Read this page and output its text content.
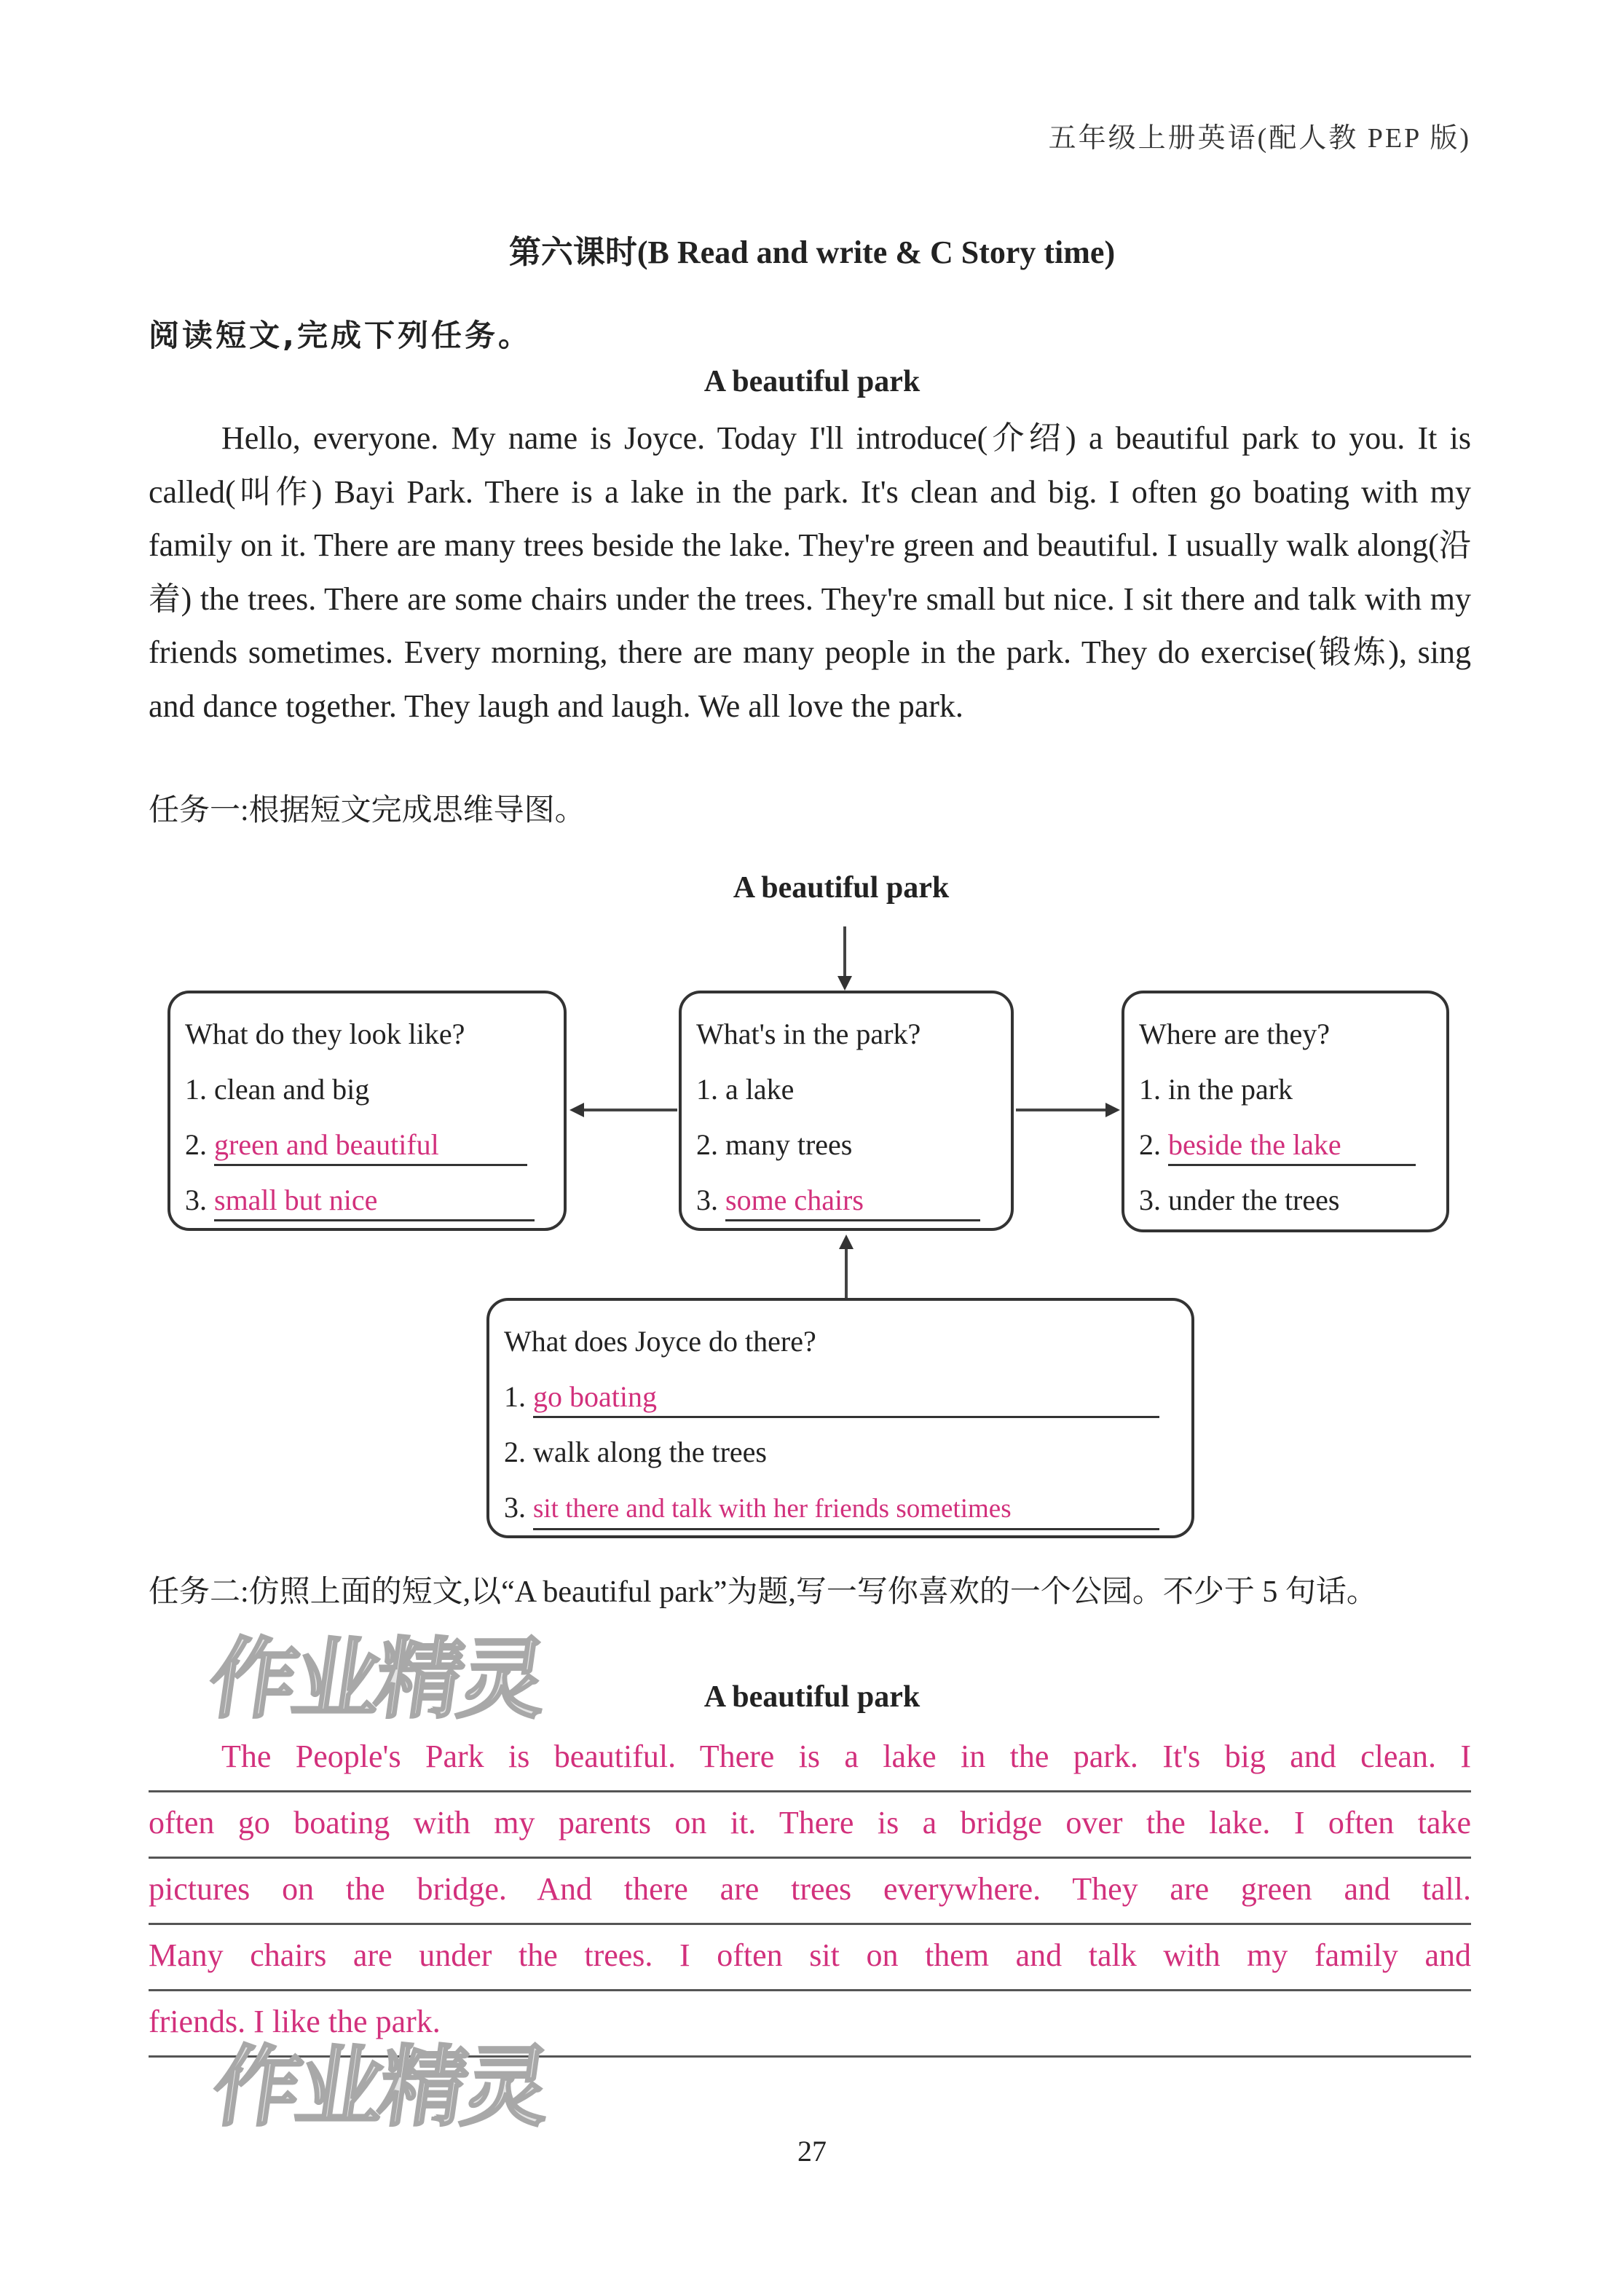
五年级上册英语(配人教 PEP 版)
第六课时(B Read and write & C Story time)
阅读短文,完成下列任务。
A beautiful park
Hello, everyone. My name is Joyce. Today I'll introduce(介绍) a beautiful park to you. It is called(叫作) Bayi Park. There is a lake in the park. It's clean and big. I often go boating with my family on it. There are many trees beside the lake. They're green and beautiful. I usually walk along(沿着) the trees. There are some chairs under the trees. They're small but nice. I sit there and talk with my friends sometimes. Every morning, there are many people in the park. They do exercise(锻炼), sing and dance together. They laugh and laugh. We all love the park.
任务一:根据短文完成思维导图。
A beautiful park
What do they look like?
1. clean and big
2. green and beautiful
3. small but nice
What's in the park?
1. a lake
2. many trees
3. some chairs
Where are they?
1. in the park
2. beside the lake
3. under the trees
What does Joyce do there?
1. go boating
2. walk along the trees
3. sit there and talk with her friends sometimes
任务二:仿照上面的短文,以“A beautiful park”为题,写一写你喜欢的一个公园。不少于 5 句话。
A beautiful park
The People's Park is beautiful. There is a lake in the park. It's big and clean. I
often go boating with my parents on it. There is a bridge over the lake. I often take
pictures on the bridge. And there are trees everywhere. They are green and tall.
Many chairs are under the trees. I often sit on them and talk with my family and
friends. I like the park.
作业精灵
作业精灵
27
